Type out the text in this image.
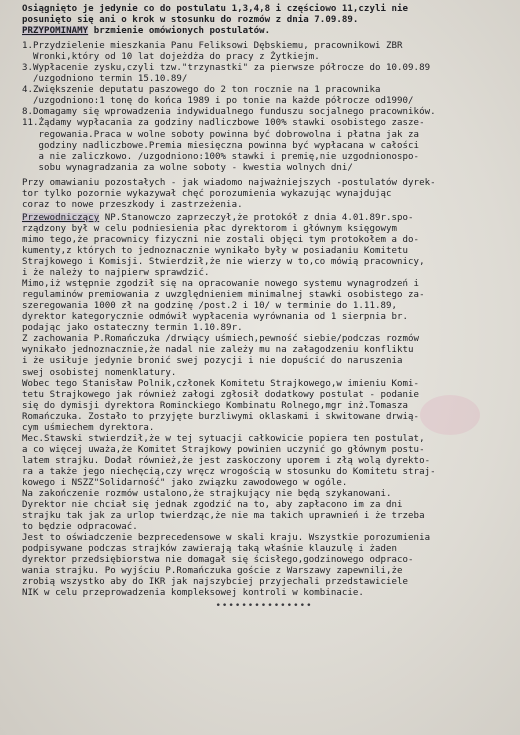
Osiągnięto je jedynie co do postulatu 1,3,4,8 i częściowo 11,czyli nie
posunięto się ani o krok w stosunku do rozmów z dnia 7.09.89.
PRZYPOMINAMY brzmienie omówionych postulatów.
1.Przydzielenie mieszkania Panu Feliksowi Dębskiemu, pracownikowi ZBR
Wronki,który od 10 lat dojeżdża do pracy z Żytkiejm.
3.Wypłacenie zysku,czyli tzw."trzynastki" za pierwsze półrocze do 10.09.89
/uzgodniono termin 15.10.89/
4.Zwiększenie deputatu paszowego do 2 ton rocznie na 1 pracownika
/uzgodniono:1 tonę do końca 1989 i po tonie na każde półrocze od1990/
8.Domagamy się wprowadzenia indywidualnego funduszu socjalnego pracowników.
11.Żądamy wypłacania za godziny nadliczbowe 100% stawki osobistego zasze-
regowania.Praca w wolne soboty powinna być dobrowolna i płatna jak za
godziny nadliczbowe.Premia miesięczna powinna być wypłacana w całości
a nie zaliczkowo. /uzgodniono:100% stawki i premię,nie uzgodnionospo-
sobu wynagradzania za wolne soboty - kwestia wolnych dni/
Przy omawianiu pozostałych - jak wiadomo najważniejszych -postulatów dyrek-
tor tylko pozornie wykazywał chęć porozumienia wykazując wynajdując
coraz to nowe przeszkody i zastrzeżenia.
Przewodniczący NP.Stanowczo zaprzeczył,że protokół z dnia 4.01.89r.spo-
rządzony był w celu podniesienia płac dyrektorom i głównym księgowym
mimo tego,że pracownicy fizyczni nie zostali objęci tym protokołem a do-
kumenty,z których to jednoznacznie wynikało były w posiadaniu Komitetu
Strajkowego i Komisji. Stwierdził,że nie wierzy w to,co mówią pracownicy,
i że należy to najpierw sprawdzić.
Mimo,iż wstępnie zgodził się na opracowanie nowego systemu wynagrodzeń i
regulaminów premiowania z uwzględnieniem minimalnej stawki osobistego za-
szeregowania 1000 zł na godzinę /post.2 i 10/ w terminie do 1.11.89,
dyrektor kategorycznie odmówił wypłacenia wyrównania od 1 sierpnia br.
podając jako ostateczny termin 1.10.89r.
Z zachowania P.Romańczuka /drwiący uśmiech,pewność siebie/podczas rozmów
wynikało jednoznacznie,że nadal nie zależy mu na załagodzeniu konfliktu
i że usiłuje jedynie bronić swej pozycji i nie dopuścić do naruszenia
swej osobistej nomenklatury.
Wobec tego Stanisław Polnik,członek Komitetu Strajkowego,w imieniu Komi-
tetu Strajkowego jak również załogi zgłosił dodatkowy postulat - podanie
się do dymisji dyrektora Rominckiego Kombinatu Rolnego,mgr inż.Tomasza
Romańczuka. Zostało to przyjęte burzliwymi oklaskami i skwitowane drwią-
cym uśmiechem dyrektora.
Mec.Stawski stwierdził,że w tej sytuacji całkowicie popiera ten postulat,
a co więcej uważa,że Komitet Strajkowy powinien uczynić go głównym postu-
latem strajku. Dodał również,że jest zaskoczony uporem i złą wolą dyrekto-
ra a także jego niechęcią,czy wręcz wrogością w stosunku do Komitetu straj-
kowego i NSZZ"Solidarność" jako związku zawodowego w ogóle.
Na zakończenie rozmów ustalono,że strajkujący nie będą szykanowani.
Dyrektor nie chciał się jednak zgodzić na to, aby zapłacono im za dni
strajku tak jak za urlop twierdząc,że nie ma takich uprawnień i że trzeba
to będzie odpracować.
Jest to oświadczenie bezprecedensowe w skali kraju. Wszystkie porozumienia
podpisywane podczas strajków zawierają taką właśnie klauzulę i żaden
dyrektor przedsiębiorstwa nie domagał się ścisłego,godzinowego odpraco-
wania strajku. Po wyjściu P.Romańczuka goście z Warszawy zapewnili,że
zrobią wszystko aby do IKR jak najszybciej przyjechali przedstawiciele
NIK w celu przeprowadzenia kompleksowej kontroli w kombinacie.
•••••••••••••••
